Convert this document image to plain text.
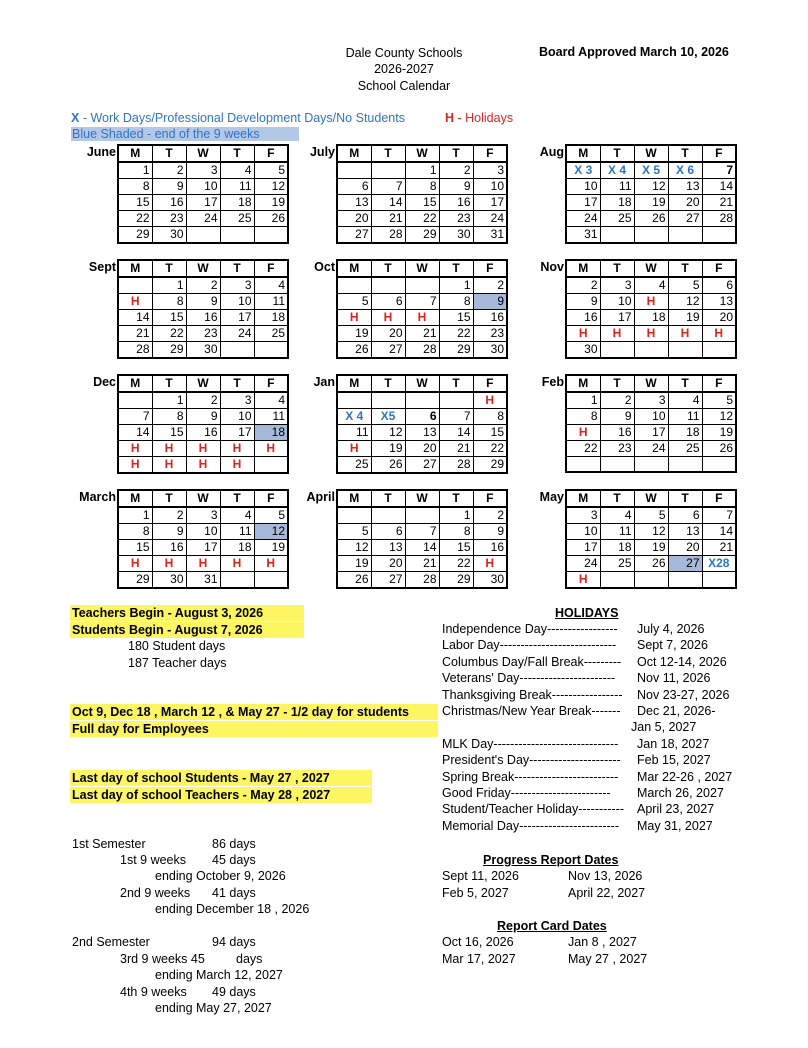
Dale County Schools
2026-2027
School Calendar
Board Approved March 10, 2026
X - Work Days/Professional Development Days/No Students	H - Holidays
Blue Shaded - end of the 9 weeks
June M	T	W	T	F
1	2	3	4	5
8	9	10	11	12
15	16	17	18	19
22	23	24	25	26
29	30			
July M	T	W	T	F
		1	2	3
6	7	8	9	10
13	14	15	16	17
20	21	22	23	24
27	28	29	30	31
Aug M	T	W	T	F
X 3	X 4	X 5	X 6	7
10	11	12	13	14
17	18	19	20	21
24	25	26	27	28
31				
Sept M	T	W	T	F
	1	2	3	4
H	8	9	10	11
14	15	16	17	18
21	22	23	24	25
28	29	30		
Oct M	T	W	T	F
			1	2
5	6	7	8	9
H	H	H	15	16
19	20	21	22	23
26	27	28	29	30
Nov M	T	W	T	F
2	3	4	5	6
9	10	H	12	13
16	17	18	19	20
H	H	H	H	H
30				
Dec M	T	W	T	F
	1	2	3	4
7	8	9	10	11
14	15	16	17	18
H	H	H	H	H
H	H	H	H	
Jan M	T	W	T	F
				H
X 4	X5	6	7	8
11	12	13	14	15
H	19	20	21	22
25	26	27	28	29
Feb M	T	W	T	F
1	2	3	4	5
8	9	10	11	12
H	16	17	18	19
22	23	24	25	26

March M	T	W	T	F
1	2	3	4	5
8	9	10	11	12
15	16	17	18	19
H	H	H	H	H
29	30	31		
April M	T	W	T	F
			1	2
5	6	7	8	9
12	13	14	15	16
19	20	21	22	H
26	27	28	29	30
May M	T	W	T	F
3	4	5	6	7
10	11	12	13	14
17	18	19	20	21
24	25	26	27	X28
H				
Teachers Begin - August 3, 2026
Students Begin - August 7, 2026
180 Student days
187 Teacher days
Oct 9, Dec 18 , March 12 , & May 27 - 1/2 day for students
Full day for Employees
Last day of school Students - May 27 , 2027
Last day of school Teachers - May 28 , 2027
1st Semester	86 days
1st 9 weeks 45 days
ending October 9, 2026
2nd 9 weeks 41 days
ending December 18 , 2026
2nd Semester	94 days
3rd 9 weeks 45 days
ending March 12, 2027
4th 9 weeks 49 days
ending May 27, 2027
HOLIDAYS
Independence Day-----------------	July 4, 2026
Labor Day----------------------------	Sept 7, 2026
Columbus Day/Fall Break---------	Oct 12-14, 2026
Veterans' Day-----------------------	Nov 11, 2026
Thanksgiving Break-----------------	Nov 23-27, 2026
Christmas/New Year Break-------	Dec 21, 2026-
Jan 5, 2027
MLK Day------------------------------	Jan 18, 2027
President's Day----------------------	Feb 15, 2027
Spring Break-------------------------	Mar 22-26 , 2027
Good Friday------------------------	March 26, 2027
Student/Teacher Holiday-----------	April 23, 2027
Memorial Day------------------------	May 31, 2027
Progress Report Dates
Sept 11, 2026	Nov 13, 2026
Feb 5, 2027	April 22, 2027
Report Card Dates
Oct 16, 2026	Jan 8 , 2027
Mar 17, 2027	May 27 , 2027
